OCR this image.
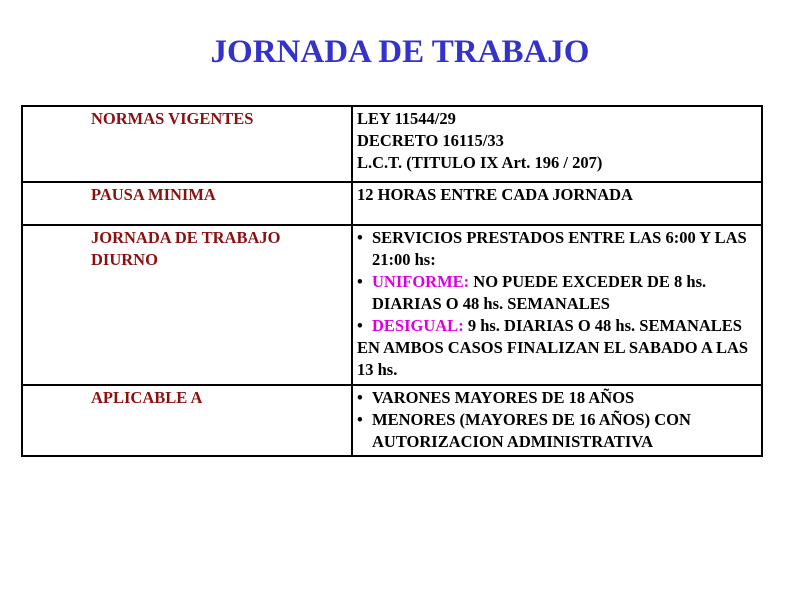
JORNADA DE TRABAJO
NORMAS VIGENTES	LEY 11544/29
DECRETO 16115/33
L.C.T. (TITULO IX Art. 196 / 207)

PAUSA MINIMA	12 HORAS ENTRE CADA JORNADA
JORNADA DE TRABAJO DIURNO	• SERVICIOS PRESTADOS ENTRE LAS 6:00 Y LAS 21:00 hs:
• UNIFORME: NO PUEDE EXCEDER DE 8 hs. DIARIAS O 48 hs. SEMANALES
• DESIGUAL: 9 hs. DIARIAS O 48 hs. SEMANALES
EN AMBOS CASOS FINALIZAN EL SABADO A LAS 13 hs.

APLICABLE A	• VARONES MAYORES DE 18 AÑOS
• MENORES (MAYORES DE 16 AÑOS) CON AUTORIZACION ADMINISTRATIVA
